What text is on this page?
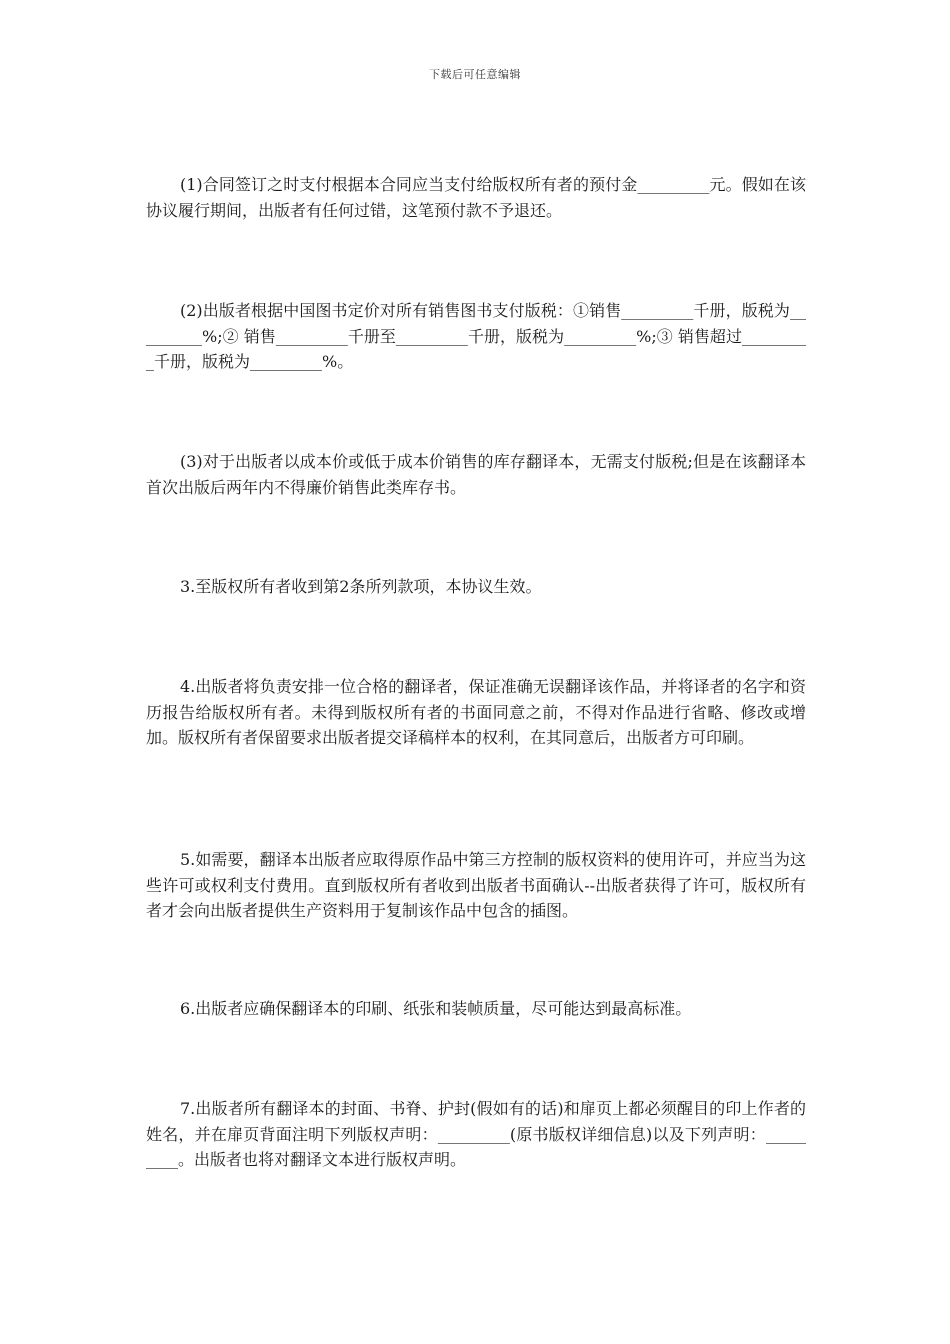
下载后可任意编辑
(1)合同签订之时支付根据本合同应当支付给版权所有者的预付金_________元。假如在该协议履行期间，出版者有任何过错，这笔预付款不予退还。
(2)出版者根据中国图书定价对所有销售图书支付版税：①销售_________千册，版税为_________%;② 销售_________千册至_________千册，版税为_________%;③ 销售超过_________千册，版税为_________%。
(3)对于出版者以成本价或低于成本价销售的库存翻译本，无需支付版税;但是在该翻译本首次出版后两年内不得廉价销售此类库存书。
3.至版权所有者收到第2条所列款项，本协议生效。
4.出版者将负责安排一位合格的翻译者，保证准确无误翻译该作品，并将译者的名字和资历报告给版权所有者。未得到版权所有者的书面同意之前，不得对作品进行省略、修改或增加。版权所有者保留要求出版者提交译稿样本的权利，在其同意后，出版者方可印刷。
5.如需要，翻译本出版者应取得原作品中第三方控制的版权资料的使用许可，并应当为这些许可或权利支付费用。直到版权所有者收到出版者书面确认--出版者获得了许可，版权所有者才会向出版者提供生产资料用于复制该作品中包含的插图。
6.出版者应确保翻译本的印刷、纸张和装帧质量，尽可能达到最高标准。
7.出版者所有翻译本的封面、书脊、护封(假如有的话)和扉页上都必须醒目的印上作者的姓名，并在扉页背面注明下列版权声明：_________(原书版权详细信息)以及下列声明：_________。出版者也将对翻译文本进行版权声明。
